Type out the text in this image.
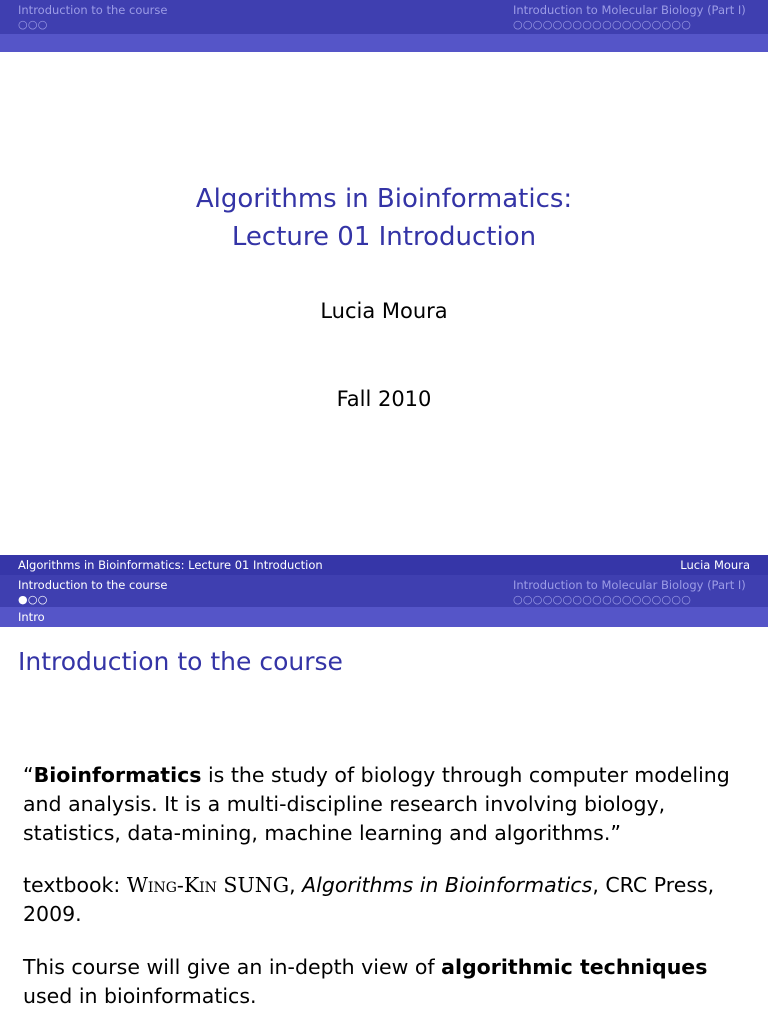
Introduction to the course
○○○
Introduction to Molecular Biology (Part I)
○○○○○○○○○○○○○○○○○○
Algorithms in Bioinformatics:
Lecture 01 Introduction
Lucia Moura
Fall 2010
Algorithms in Bioinformatics: Lecture 01 Introduction	Lucia Moura
Introduction to the course
●○○
Introduction to Molecular Biology (Part I)
○○○○○○○○○○○○○○○○○○
Intro
Introduction to the course
“Bioinformatics is the study of biology through computer modeling and analysis. It is a multi-discipline research involving biology, statistics, data-mining, machine learning and algorithms.”
textbook: Wing-Kin SUNG, Algorithms in Bioinformatics, CRC Press, 2009.
This course will give an in-depth view of algorithmic techniques used in bioinformatics.
